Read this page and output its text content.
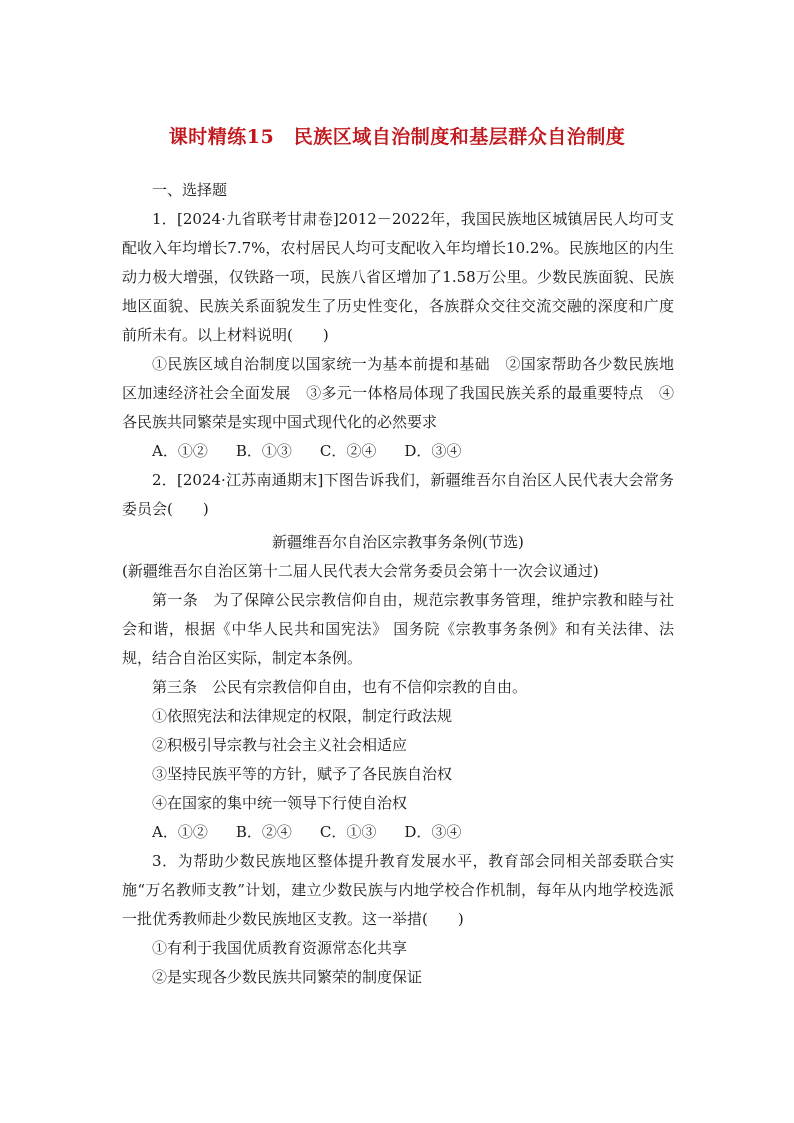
课时精练15　民族区域自治制度和基层群众自治制度

一、选择题

1．[2024·九省联考甘肃卷]2012－2022年，我国民族地区城镇居民人均可支配收入年均增长7.7%，农村居民人均可支配收入年均增长10.2%。民族地区的内生动力极大增强，仅铁路一项，民族八省区增加了1.58万公里。少数民族面貌、民族地区面貌、民族关系面貌发生了历史性变化，各族群众交往交流交融的深度和广度前所未有。以上材料说明(　　)

①民族区域自治制度以国家统一为基本前提和基础　②国家帮助各少数民族地区加速经济社会全面发展　③多元一体格局体现了我国民族关系的最重要特点　④各民族共同繁荣是实现中国式现代化的必然要求

A．①② B．①③ C．②④ D．③④

2．[2024·江苏南通期末]下图告诉我们，新疆维吾尔自治区人民代表大会常务委员会(　　)

新疆维吾尔自治区宗教事务条例(节选)

(新疆维吾尔自治区第十二届人民代表大会常务委员会第十一次会议通过)

第一条　为了保障公民宗教信仰自由，规范宗教事务管理，维护宗教和睦与社会和谐，根据《中华人民共和国宪法》 国务院《宗教事务条例》和有关法律、法规，结合自治区实际，制定本条例。

第三条　公民有宗教信仰自由，也有不信仰宗教的自由。

①依照宪法和法律规定的权限，制定行政法规

②积极引导宗教与社会主义社会相适应

③坚持民族平等的方针，赋予了各民族自治权

④在国家的集中统一领导下行使自治权

A．①② B．②④ C．①③ D．③④

3．为帮助少数民族地区整体提升教育发展水平，教育部会同相关部委联合实施“万名教师支教”计划，建立少数民族与内地学校合作机制，每年从内地学校选派一批优秀教师赴少数民族地区支教。这一举措(　　)

①有利于我国优质教育资源常态化共享

②是实现各少数民族共同繁荣的制度保证
